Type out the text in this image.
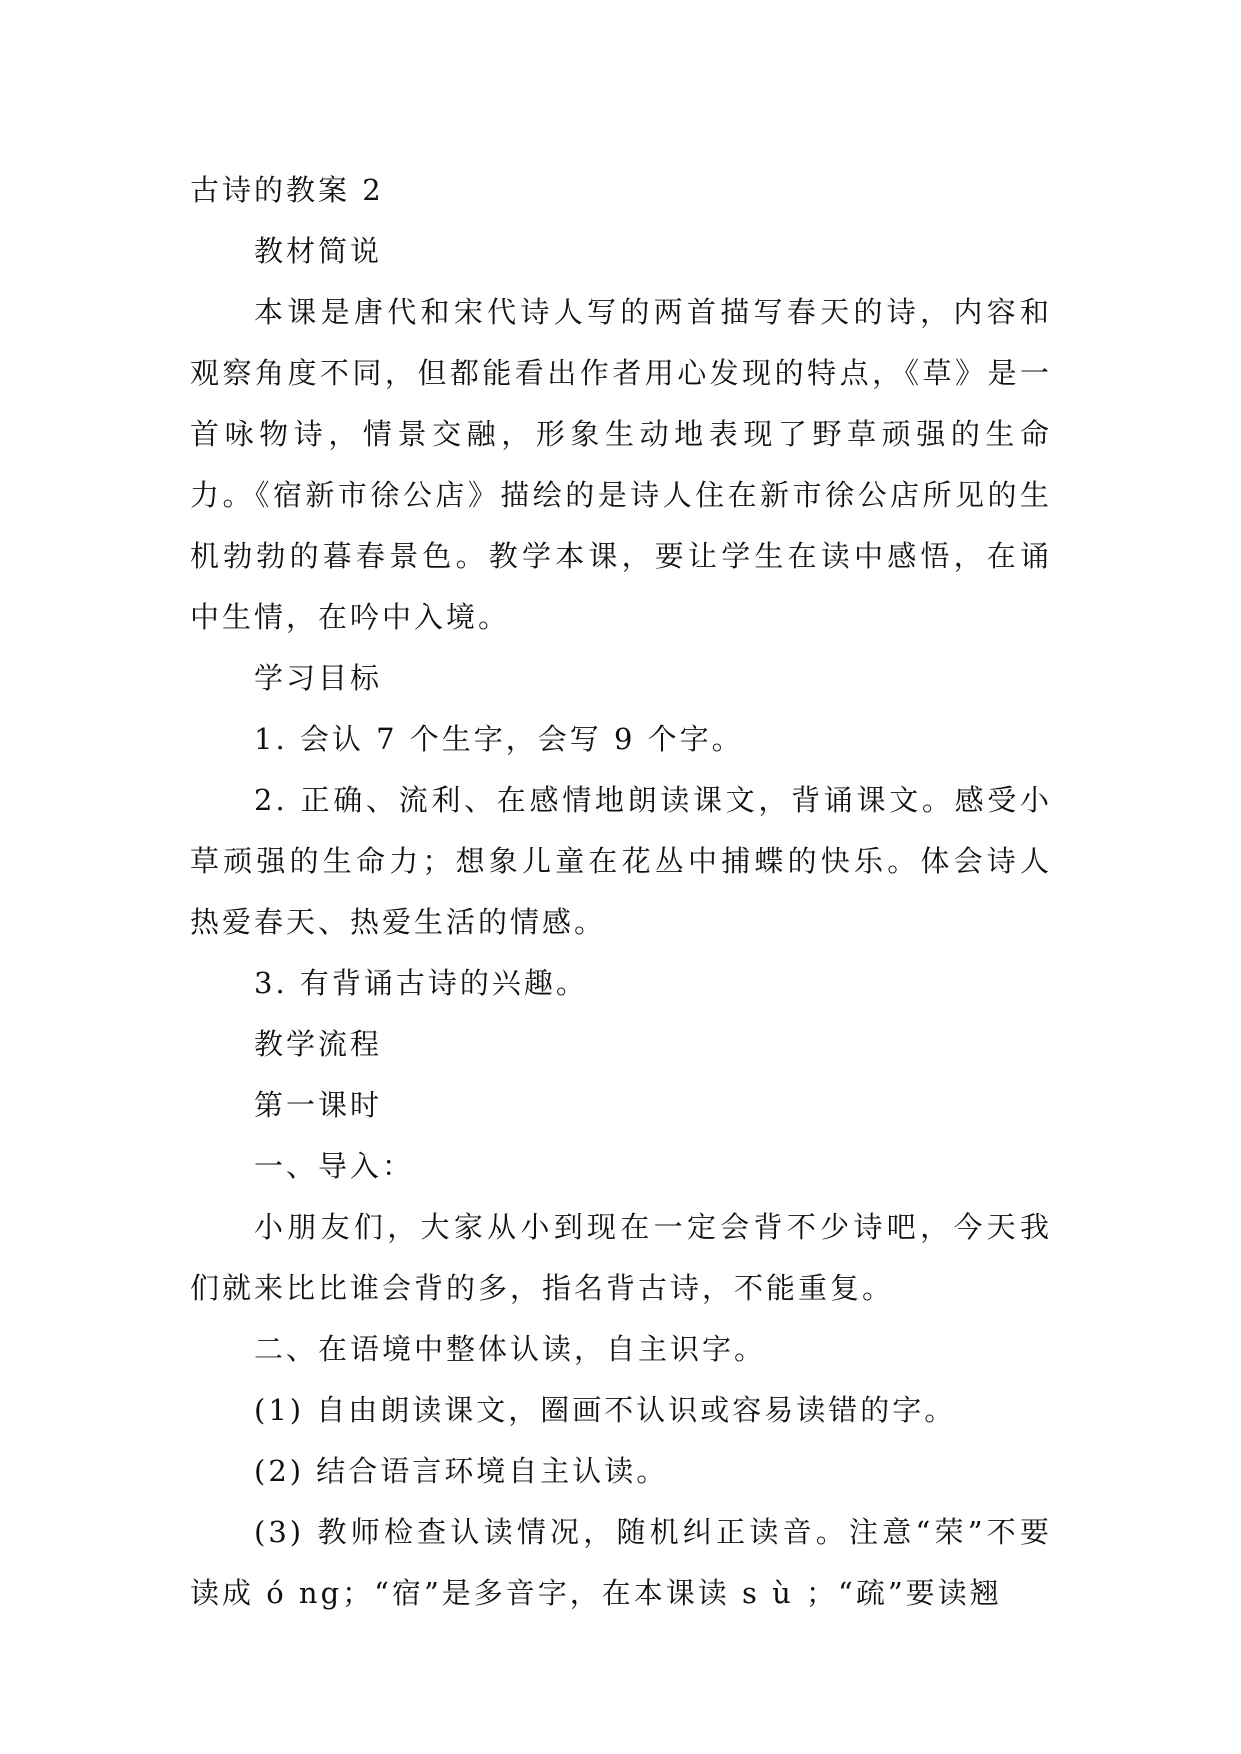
古诗的教案 2

教材简说

本课是唐代和宋代诗人写的两首描写春天的诗，内容和观察角度不同，但都能看出作者用心发现的特点，《草》是一首咏物诗，情景交融，形象生动地表现了野草顽强的生命力。《宿新市徐公店》描绘的是诗人住在新市徐公店所见的生机勃勃的暮春景色。教学本课，要让学生在读中感悟，在诵中生情，在吟中入境。

学习目标

1. 会认 7 个生字，会写 9 个字。

2. 正确、流利、在感情地朗读课文，背诵课文。感受小草顽强的生命力；想象儿童在花丛中捕蝶的快乐。体会诗人热爱春天、热爱生活的情感。

3. 有背诵古诗的兴趣。

教学流程

第一课时

一、导入：

小朋友们，大家从小到现在一定会背不少诗吧，今天我们就来比比谁会背的多，指名背古诗，不能重复。

二、在语境中整体认读，自主识字。

(1) 自由朗读课文，圈画不认识或容易读错的字。

(2) 结合语言环境自主认读。

(3) 教师检查认读情况，随机纠正读音。注意“荣”不要读成 ó ng；“宿”是多音字，在本课读 s ù ；“疏”要读翘
